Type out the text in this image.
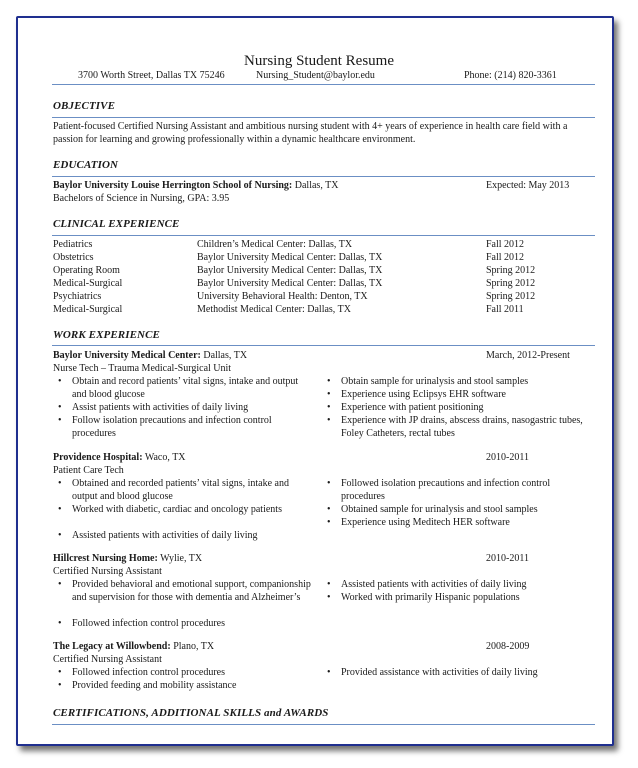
Nursing Student Resume
3700 Worth Street, Dallas TX 75246	Nursing_Student@baylor.edu	Phone: (214) 820-3361
OBJECTIVE
Patient-focused Certified Nursing Assistant and ambitious nursing student with 4+ years of experience in health care field with a passion for learning and growing professionally within a dynamic healthcare environment.
EDUCATION
Baylor University Louise Herrington School of Nursing: Dallas, TX	Expected: May 2013
Bachelors of Science in Nursing, GPA: 3.95
CLINICAL EXPERIENCE
Pediatrics	Children’s Medical Center: Dallas, TX	Fall 2012
Obstetrics	Baylor University Medical Center: Dallas, TX	Fall 2012
Operating Room	Baylor University Medical Center: Dallas, TX	Spring 2012
Medical-Surgical	Baylor University Medical Center: Dallas, TX	Spring 2012
Psychiatrics	University Behavioral Health: Denton, TX	Spring 2012
Medical-Surgical	Methodist Medical Center: Dallas, TX	Fall 2011
WORK EXPERIENCE
Baylor University Medical Center: Dallas, TX	March, 2012-Present
Nurse Tech – Trauma Medical-Surgical Unit
• Obtain and record patients’ vital signs, intake and output and blood glucose
• Assist patients with activities of daily living
• Follow isolation precautions and infection control procedures
• Obtain sample for urinalysis and stool samples
• Experience using Eclipsys EHR software
• Experience with patient positioning
• Experience with JP drains, abscess drains, nasogastric tubes, Foley Catheters, rectal tubes
Providence Hospital: Waco, TX	2010-2011
Patient Care Tech
• Obtained and recorded patients’ vital signs, intake and output and blood glucose
• Worked with diabetic, cardiac and oncology patients
• Assisted patients with activities of daily living
• Followed isolation precautions and infection control procedures
• Obtained sample for urinalysis and stool samples
• Experience using Meditech HER software
Hillcrest Nursing Home: Wylie, TX	2010-2011
Certified Nursing Assistant
• Provided behavioral and emotional support, companionship and supervision for those with dementia and Alzheimer’s
• Followed infection control procedures
• Assisted patients with activities of daily living
• Worked with primarily Hispanic populations
The Legacy at Willowbend: Plano, TX	2008-2009
Certified Nursing Assistant
• Followed infection control procedures
• Provided feeding and mobility assistance
• Provided assistance with activities of daily living
CERTIFICATIONS, ADDITIONAL SKILLS and AWARDS
